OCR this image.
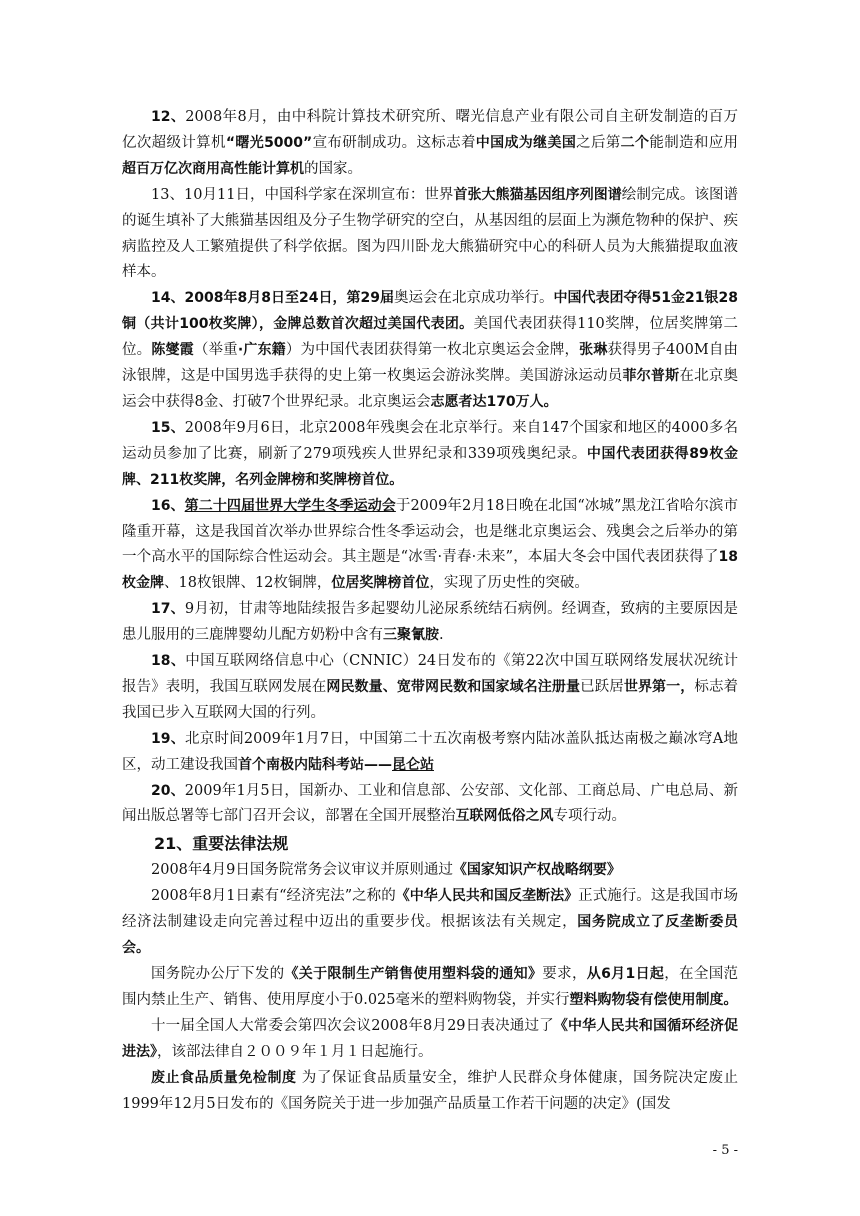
12、2008年8月，由中科院计算技术研究所、曙光信息产业有限公司自主研发制造的百万亿次超级计算机“曙光5000”宣布研制成功。这标志着中国成为继美国之后第二个能制造和应用超百万亿次商用高性能计算机的国家。

13、10月11日，中国科学家在深圳宣布：世界首张大熊猫基因组序列图谱绘制完成。该图谱的诞生填补了大熊猫基因组及分子生物学研究的空白，从基因组的层面上为濒危物种的保护、疾病监控及人工繁殖提供了科学依据。图为四川卧龙大熊猫研究中心的科研人员为大熊猫提取血液样本。

14、2008年8月8日至24日，第29届奥运会在北京成功举行。中国代表团夺得51金21银28铜（共计100枚奖牌），金牌总数首次超过美国代表团。美国代表团获得110奖牌，位居奖牌第二位。陈燮霞（举重·广东籍）为中国代表团获得第一枚北京奥运会金牌，张琳获得男子400M自由泳银牌，这是中国男选手获得的史上第一枚奥运会游泳奖牌。美国游泳运动员菲尔普斯在北京奥运会中获得8金、打破7个世界纪录。北京奥运会志愿者达170万人。

15、2008年9月6日，北京2008年残奥会在北京举行。来自147个国家和地区的4000多名运动员参加了比赛，刷新了279项残疾人世界纪录和339项残奥纪录。中国代表团获得89枚金牌、211枚奖牌，名列金牌榜和奖牌榜首位。

16、第二十四届世界大学生冬季运动会于2009年2月18日晚在北国“冰城”黑龙江省哈尔滨市隆重开幕，这是我国首次举办世界综合性冬季运动会，也是继北京奥运会、残奥会之后举办的第一个高水平的国际综合性运动会。其主题是“冰雪·青春·未来”，本届大冬会中国代表团获得了18枚金牌、18枚银牌、12枚铜牌，位居奖牌榜首位，实现了历史性的突破。

17、9月初，甘肃等地陆续报告多起婴幼儿泌尿系统结石病例。经调查，致病的主要原因是患儿服用的三鹿牌婴幼儿配方奶粉中含有三聚氰胺.

18、中国互联网络信息中心（CNNIC）24日发布的《第22次中国互联网络发展状况统计报告》表明，我国互联网发展在网民数量、宽带网民数和国家域名注册量已跃居世界第一，标志着我国已步入互联网大国的行列。

19、北京时间2009年1月7日，中国第二十五次南极考察内陆冰盖队抵达南极之巅冰穹A地区，动工建设我国首个南极内陆科考站——昆仑站

20、2009年1月5日，国新办、工业和信息部、公安部、文化部、工商总局、广电总局、新闻出版总署等七部门召开会议，部署在全国开展整治互联网低俗之风专项行动。

21、重要法律法规

2008年4月9日国务院常务会议审议并原则通过《国家知识产权战略纲要》

2008年8月1日素有“经济宪法”之称的《中华人民共和国反垄断法》正式施行。这是我国市场经济法制建设走向完善过程中迈出的重要步伐。根据该法有关规定，国务院成立了反垄断委员会。

国务院办公厅下发的《关于限制生产销售使用塑料袋的通知》要求，从6月1日起，在全国范围内禁止生产、销售、使用厚度小于0.025毫米的塑料购物袋，并实行塑料购物袋有偿使用制度。

十一届全国人大常委会第四次会议2008年8月29日表决通过了《中华人民共和国循环经济促进法》，该部法律自２００９年１月１日起施行。

废止食品质量免检制度 为了保证食品质量安全，维护人民群众身体健康，国务院决定废止1999年12月5日发布的《国务院关于进一步加强产品质量工作若干问题的决定》(国发

- 5 -
